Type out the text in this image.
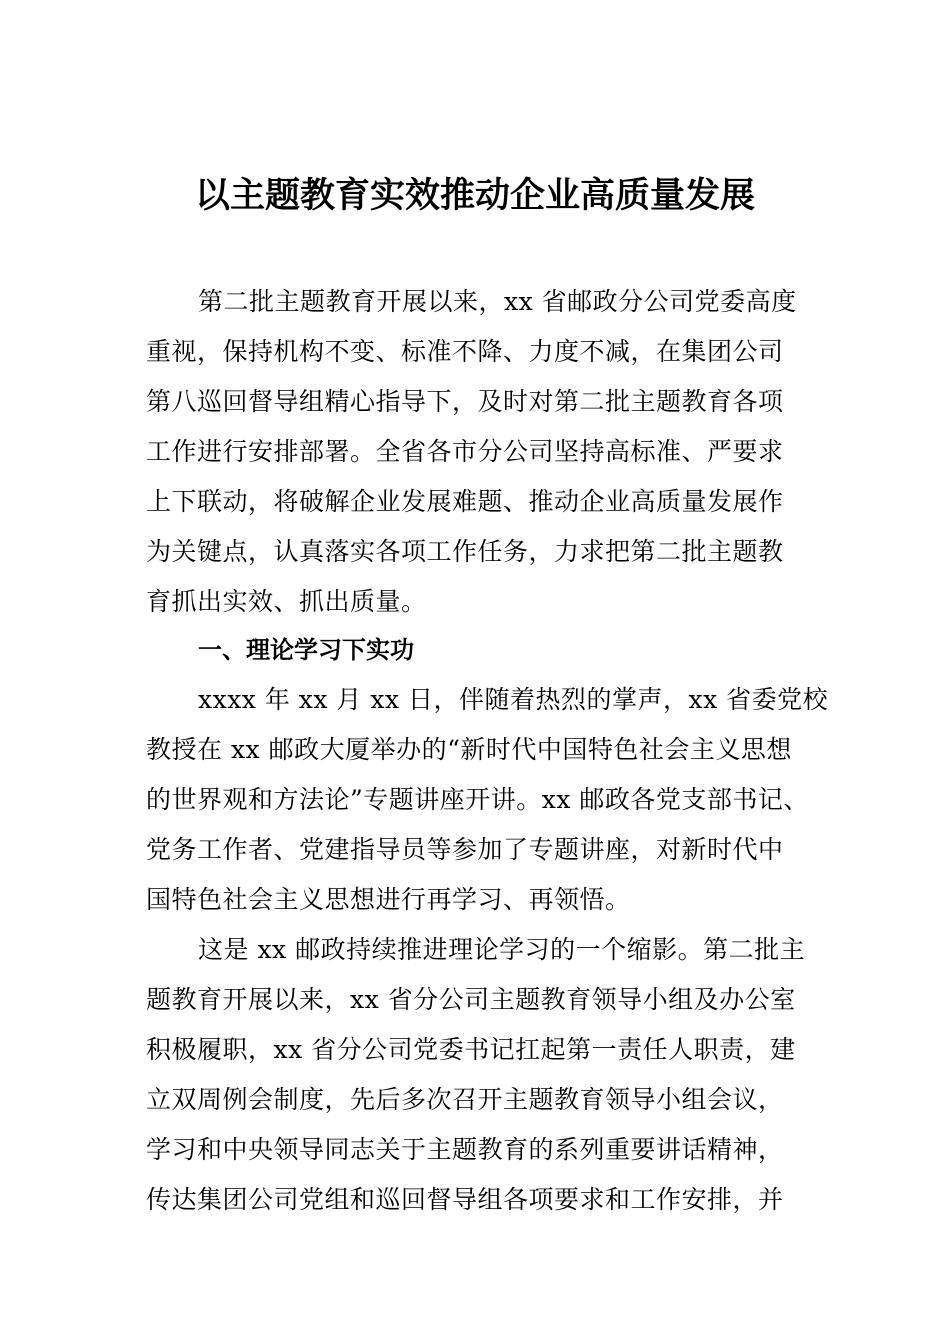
以主题教育实效推动企业高质量发展

第二批主题教育开展以来，xx 省邮政分公司党委高度

重视，保持机构不变、标准不降、力度不减，在集团公司

第八巡回督导组精心指导下，及时对第二批主题教育各项

工作进行安排部署。全省各市分公司坚持高标准、严要求

上下联动，将破解企业发展难题、推动企业高质量发展作

为关键点，认真落实各项工作任务，力求把第二批主题教

育抓出实效、抓出质量。

一、理论学习下实功

xxxx 年 xx 月 xx 日，伴随着热烈的掌声，xx 省委党校

教授在 xx 邮政大厦举办的“新时代中国特色社会主义思想

的世界观和方法论”专题讲座开讲。xx 邮政各党支部书记、

党务工作者、党建指导员等参加了专题讲座，对新时代中

国特色社会主义思想进行再学习、再领悟。

这是 xx 邮政持续推进理论学习的一个缩影。第二批主

题教育开展以来，xx 省分公司主题教育领导小组及办公室

积极履职，xx 省分公司党委书记扛起第一责任人职责，建

立双周例会制度，先后多次召开主题教育领导小组会议，

学习和中央领导同志关于主题教育的系列重要讲话精神，

传达集团公司党组和巡回督导组各项要求和工作安排，并
